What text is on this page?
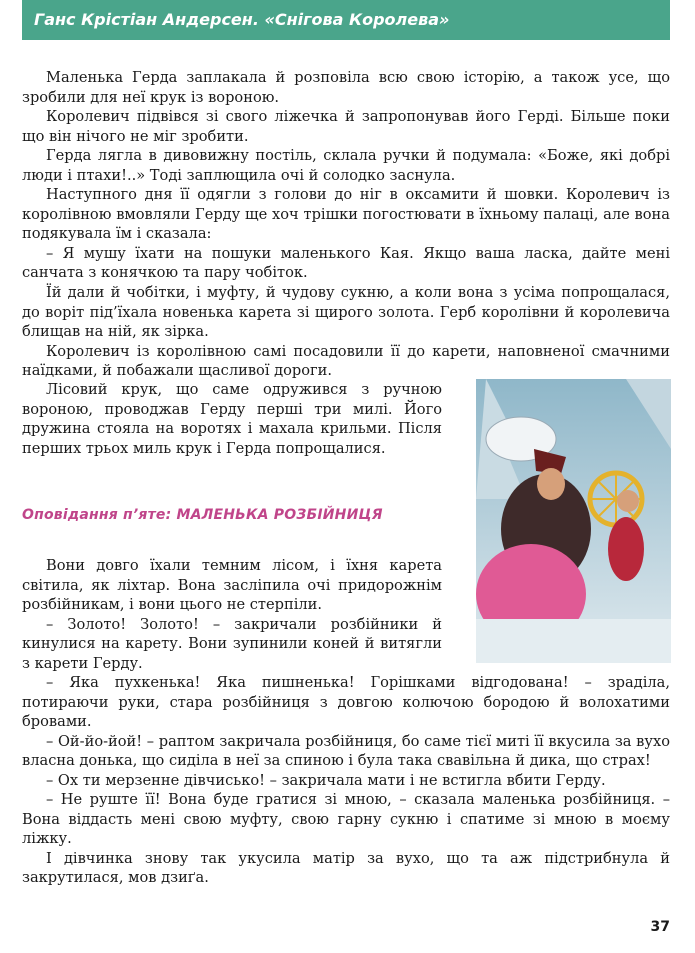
Ганс Крістіан Андерсен. «Снігова Королева»

Маленька Герда заплакала й розповіла всю свою історію, а також усе, що зробили для неї крук із вороною.

Королевич підвівся зі свого ліжечка й запропонував його Герді. Більше поки що він нічого не міг зробити.

Герда лягла в дивовижну постіль, склала ручки й подумала: «Боже, які добрі люди і птахи!..» Тоді заплющила очі й солодко заснула.

Наступного дня її одягли з голови до ніг в оксамити й шовки. Королевич із королівною вмовляли Герду ще хоч трішки погостювати в їхньому палаці, але вона подякувала їм і сказала:

– Я мушу їхати на пошуки маленького Кая. Якщо ваша ласка, дайте мені санчата з конячкою та пару чобіток.

Їй дали й чобітки, і муфту, й чудову сукню, а коли вона з усіма попрощалася, до воріт під’їхала новенька карета зі щирого золота. Герб королівни й королевича блищав на ній, як зірка.

Королевич із королівною самі посадовили її до карети, наповненої смачними наїдками, й побажали щасливої дороги.

Лісовий крук, що саме одружився з ручною вороною, проводжав Герду перші три милі. Його дружина стояла на воротях і махала крильми. Після перших трьох миль крук і Герда попрощалися.

Оповідання п’яте: МАЛЕНЬКА РОЗБІЙНИЦЯ

Вони довго їхали темним лісом, і їхня карета світила, як ліхтар. Вона засліпила очі придорожнім розбійникам, і вони цього не стерпіли.

– Золото! Золото! – закричали розбійники й кинулися на карету. Вони зупинили коней й витягли з карети Герду.

– Яка пухкенька! Яка пишненька! Горішками відгодована! – зраділа, потираючи руки, стара розбійниця з довгою колючою бородою й волохатими бровами.

– Ой-йо-йой! – раптом закричала розбійниця, бо саме тієї миті її вкусила за вухо власна донька, що сиділа в неї за спиною і була така свавільна й дика, що страх!

– Ох ти мерзенне дівчисько! – закричала мати і не встигла вбити Герду.

– Не руште її! Вона буде гратися зі мною, – сказала маленька розбійниця. – Вона віддасть мені свою муфту, свою гарну сукню і спатиме зі мною в моєму ліжку.

І дівчинка знову так укусила матір за вухо, що та аж підстрибнула й закрутилася, мов дзиґа.

37
